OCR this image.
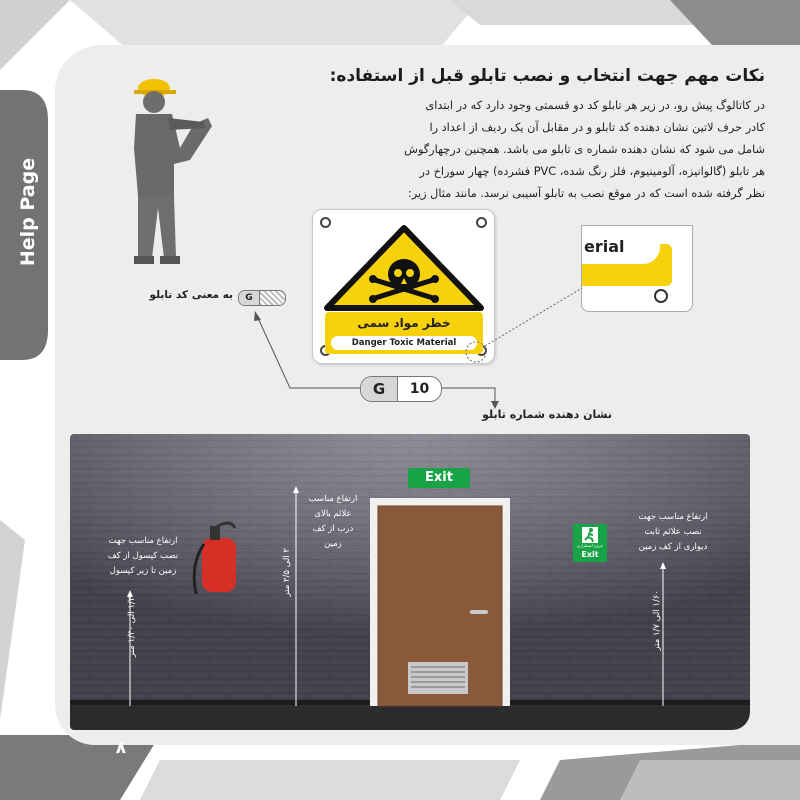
Help Page
نکات مهم جهت انتخاب و نصب تابلو قبل از استفاده:
در کاتالوگ پیش رو، در زیر هر تابلو کد دو قسمتی وجود دارد که در ابتدای
کادر حرف لاتین نشان دهنده کد تابلو و در مقابل آن یک ردیف از اعداد را
شامل می شود که نشان دهنده شماره ی تابلو می باشد. همچنین درچهارگوش
هر تابلو (گالوانیزه، آلومینیوم، فلز رنگ شده، PVC فشرده) چهار سوراخ در
نظر گرفته شده است که در موقع نصب به تابلو آسیبی نرسد. مانند مثال زیر:
خطر مواد سمی
Danger Toxic Material
erial
G
به معنی کد تابلو
G	10
نشان دهنده شماره تابلو
Exit
خروج اضطراری
Exit
ارتفاع مناسب جهت
نصب کپسول از کف
زمین تا زیر کپسول
۱/۴۰ الی ۱/۳۰ متر
ارتفاع مناسب
علائم بالای
درب از کف
زمین
۲ الی ۲/۵ متر
ارتفاع مناسب جهت
نصب علائم ثابت
دیواری از کف زمین
۱/۶۰ الی ۱/۷ متر
۸
